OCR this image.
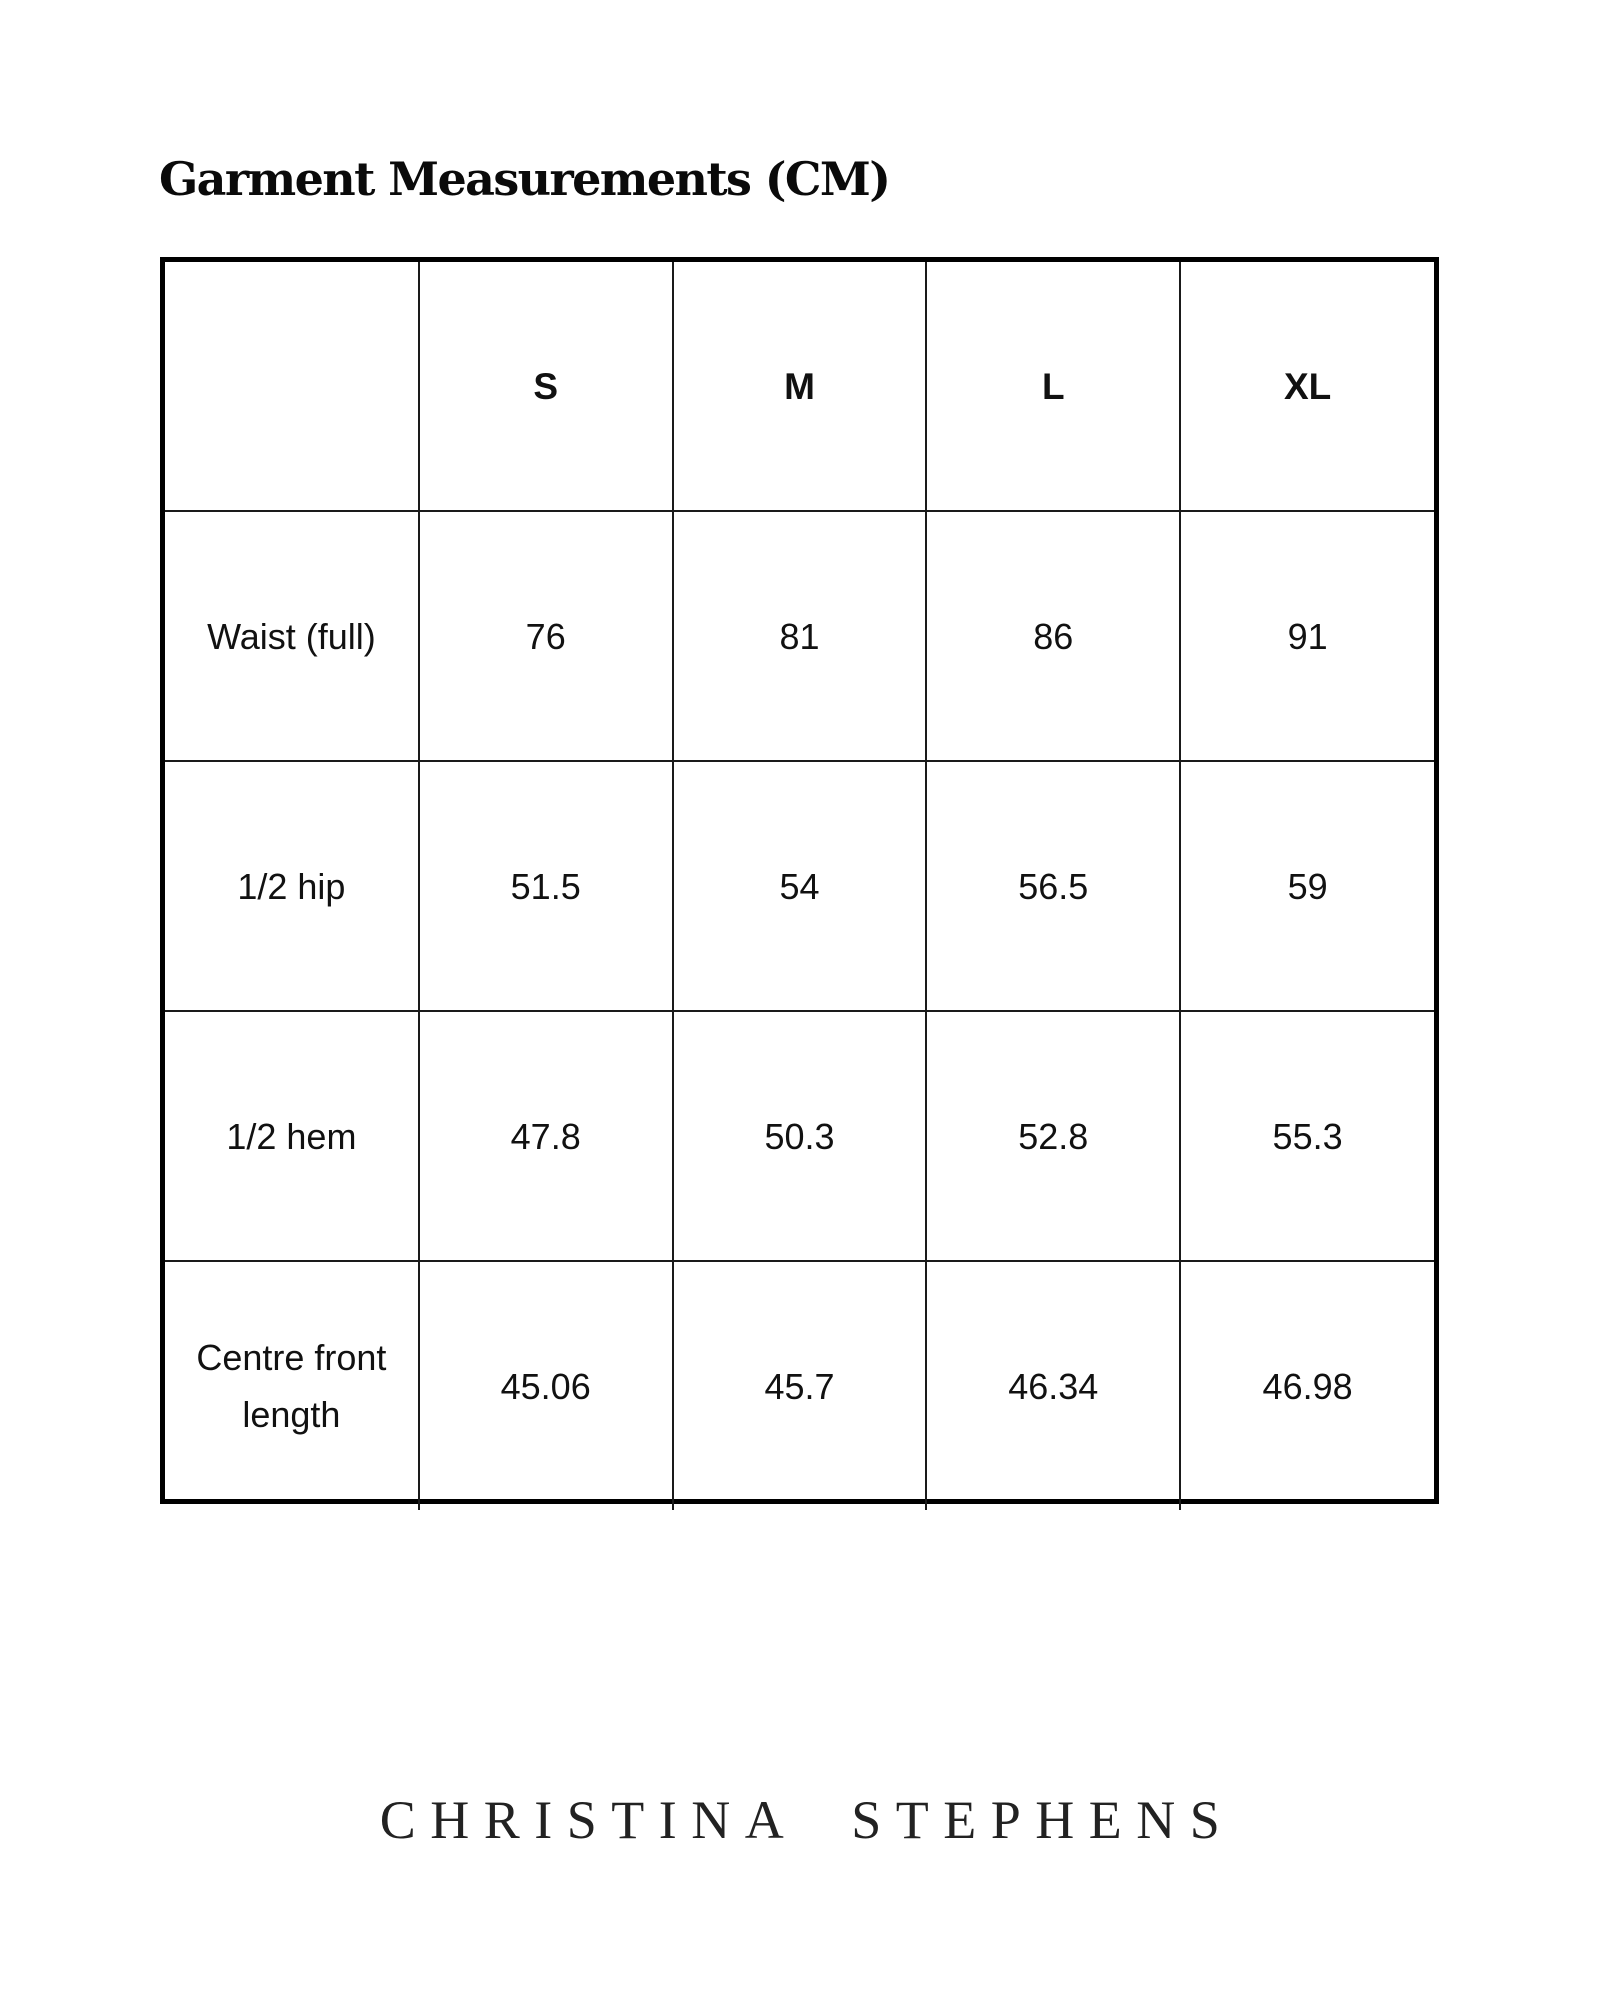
Garment Measurements (CM)
	S	M	L	XL
Waist (full)	76	81	86	91
1/2 hip	51.5	54	56.5	59
1/2 hem	47.8	50.3	52.8	55.3
Centre front length	45.06	45.7	46.34	46.98
CHRISTINA  STEPHENS
